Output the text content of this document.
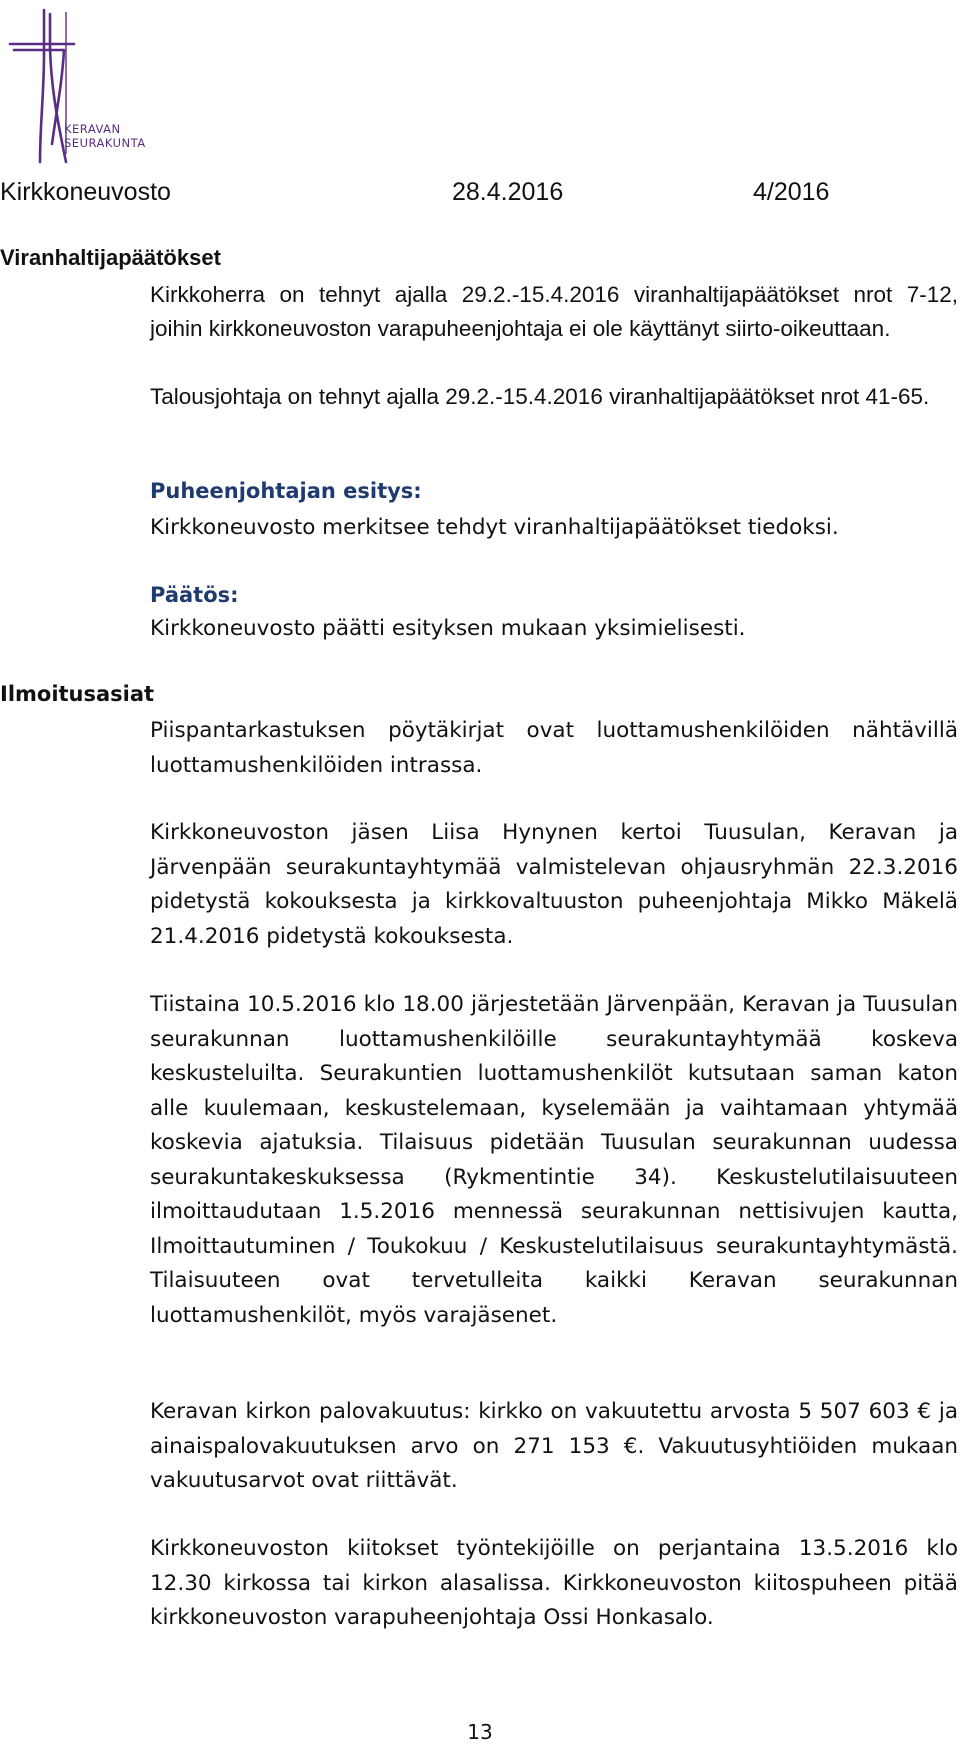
KERAVAN
SEURAKUNTA
Kirkkoneuvosto	28.4.2016	4/2016
Viranhaltijapäätökset
Kirkkoherra on tehnyt ajalla 29.2.-15.4.2016 viranhaltijapäätökset nrot 7-12, joihin kirkkoneuvoston varapuheenjohtaja ei ole käyttänyt siirto-oikeuttaan.
Talousjohtaja on tehnyt ajalla 29.2.-15.4.2016 viranhaltijapäätökset nrot 41-65.
Puheenjohtajan esitys:
Kirkkoneuvosto merkitsee tehdyt viranhaltijapäätökset tiedoksi.
Päätös:
Kirkkoneuvosto päätti esityksen mukaan yksimielisesti.
Ilmoitusasiat
Piispantarkastuksen pöytäkirjat ovat luottamushenkilöiden nähtävillä luottamushenkilöiden intrassa.
Kirkkoneuvoston jäsen Liisa Hynynen kertoi Tuusulan, Keravan ja Järvenpään seurakuntayhtymää valmistelevan ohjausryhmän 22.3.2016 pidetystä kokouksesta ja kirkkovaltuuston puheenjohtaja Mikko Mäkelä 21.4.2016 pidetystä kokouksesta.
Tiistaina 10.5.2016 klo 18.00 järjestetään Järvenpään, Keravan ja Tuusulan seurakunnan luottamushenkilöille seurakuntayhtymää koskeva keskusteluilta. Seurakuntien luottamushenkilöt kutsutaan saman katon alle kuulemaan, keskustelemaan, kyselemään ja vaihtamaan yhtymää koskevia ajatuksia. Tilaisuus pidetään Tuusulan seurakunnan uudessa seurakuntakeskuksessa (Rykmentintie 34). Keskustelutilaisuuteen ilmoittaudutaan 1.5.2016 mennessä seurakunnan nettisivujen kautta, Ilmoittautuminen / Toukokuu / Keskustelutilaisuus seurakuntayhtymästä. Tilaisuuteen ovat tervetulleita kaikki Keravan seurakunnan luottamushenkilöt, myös varajäsenet.
Keravan kirkon palovakuutus: kirkko on vakuutettu arvosta 5 507 603 € ja ainaispalovakuutuksen arvo on 271 153 €. Vakuutusyhtiöiden mukaan vakuutusarvot ovat riittävät.
Kirkkoneuvoston kiitokset työntekijöille on perjantaina 13.5.2016 klo 12.30 kirkossa tai kirkon alasalissa. Kirkkoneuvoston kiitospuheen pitää kirkkoneuvoston varapuheenjohtaja Ossi Honkasalo.
13
